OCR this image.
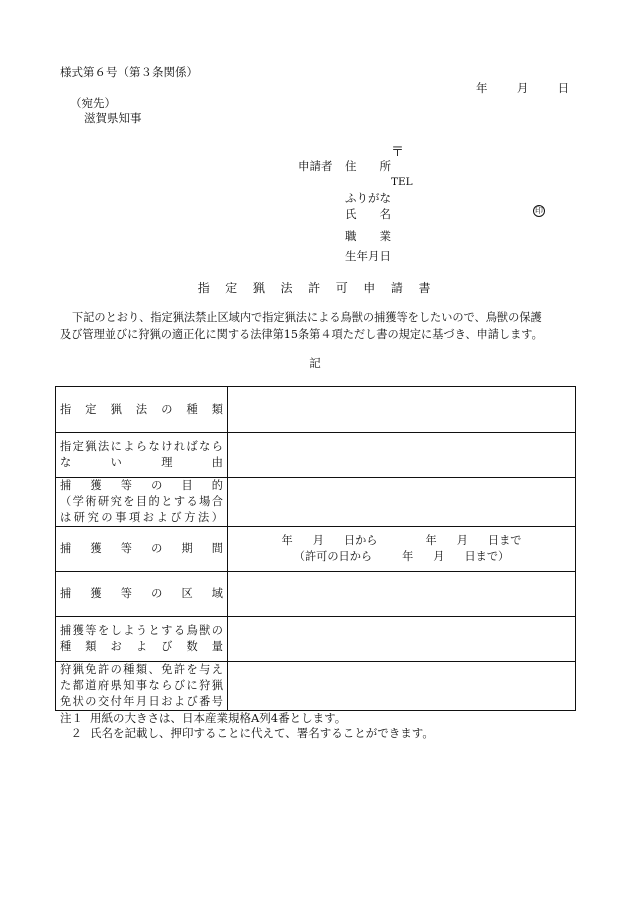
様式第６号（第３条関係）
年	月	日
（宛先）
滋賀県知事
〒
申請者 住　　所
TEL
ふりがな
氏　　名	印
職　　業
生年月日
指　定　猟　法　許　可　申　請　書

下記のとおり、指定猟法禁止区域内で指定猟法による鳥獣の捕獲等をしたいので、鳥獣の保護

及び管理並びに狩猟の適正化に関する法律第15条第４項ただし書の規定に基づき、申請します。

記
指定猟法の種類	

指定猟法によらなければなら
ない理由	

捕獲等の目的
（学術研究を目的とする場合
は研究の事項および方法）	

捕獲等の期間	年 月 日から 年 月 日まで
（許可の日から 年 月 日まで）

捕獲等の区域	

捕獲等をしようとする鳥獣の
種類および数量	

狩猟免許の種類、免許を与え
た都道府県知事ならびに狩猟
免状の交付年月日および番号	

注１ 用紙の大きさは、日本産業規格A列4番とします。
２ 氏名を記載し、押印することに代えて、署名することができます。
